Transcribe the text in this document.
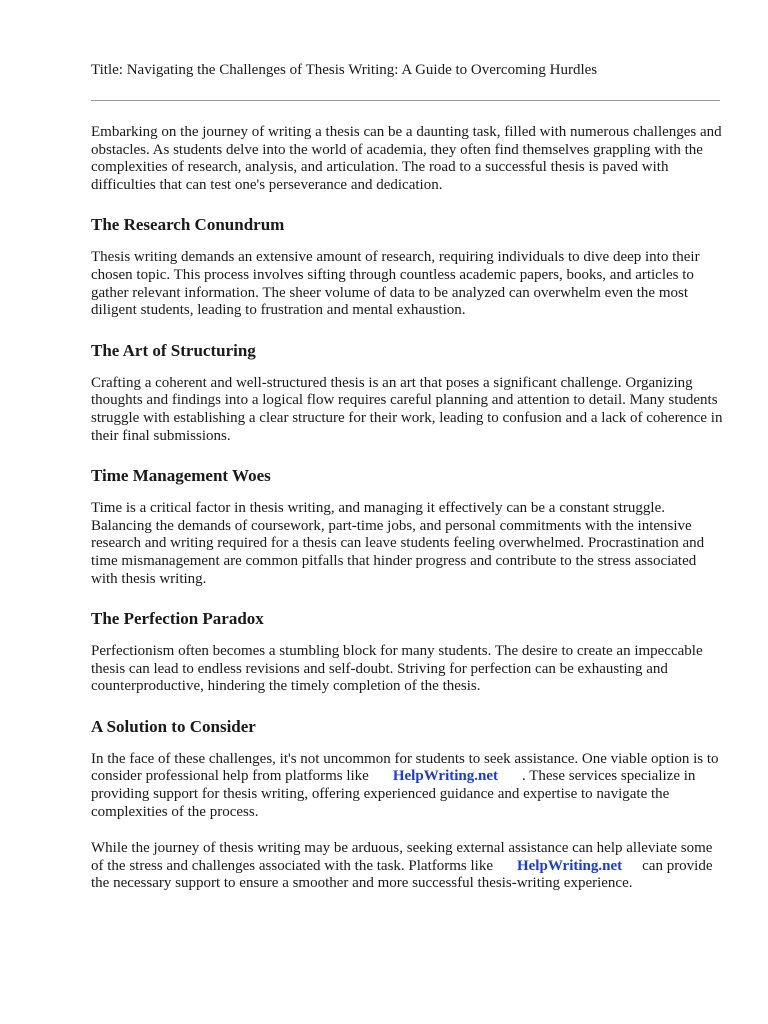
Title: Navigating the Challenges of Thesis Writing: A Guide to Overcoming Hurdles

Embarking on the journey of writing a thesis can be a daunting task, filled with numerous challenges and obstacles. As students delve into the world of academia, they often find themselves grappling with the complexities of research, analysis, and articulation. The road to a successful thesis is paved with difficulties that can test one's perseverance and dedication.

The Research Conundrum

Thesis writing demands an extensive amount of research, requiring individuals to dive deep into their chosen topic. This process involves sifting through countless academic papers, books, and articles to gather relevant information. The sheer volume of data to be analyzed can overwhelm even the most diligent students, leading to frustration and mental exhaustion.

The Art of Structuring

Crafting a coherent and well-structured thesis is an art that poses a significant challenge. Organizing thoughts and findings into a logical flow requires careful planning and attention to detail. Many students struggle with establishing a clear structure for their work, leading to confusion and a lack of coherence in their final submissions.

Time Management Woes

Time is a critical factor in thesis writing, and managing it effectively can be a constant struggle. Balancing the demands of coursework, part-time jobs, and personal commitments with the intensive research and writing required for a thesis can leave students feeling overwhelmed. Procrastination and time mismanagement are common pitfalls that hinder progress and contribute to the stress associated with thesis writing.

The Perfection Paradox

Perfectionism often becomes a stumbling block for many students. The desire to create an impeccable thesis can lead to endless revisions and self-doubt. Striving for perfection can be exhausting and counterproductive, hindering the timely completion of the thesis.

A Solution to Consider

In the face of these challenges, it's not uncommon for students to seek assistance. One viable option is to consider professional help from platforms like HelpWriting.net . These services specialize in providing support for thesis writing, offering experienced guidance and expertise to navigate the complexities of the process.

While the journey of thesis writing may be arduous, seeking external assistance can help alleviate some of the stress and challenges associated with the task. Platforms like HelpWriting.net can provide the necessary support to ensure a smoother and more successful thesis-writing experience.
